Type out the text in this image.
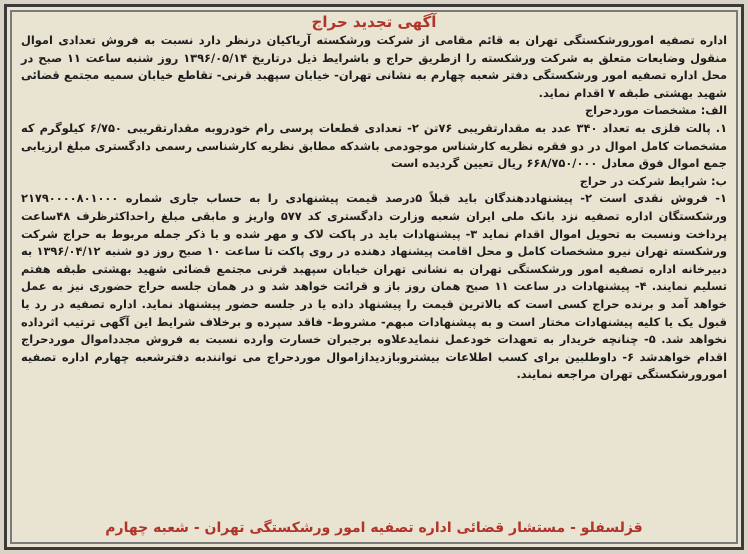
آگهی تجدید حراج

اداره تصفیه امورورشکستگی تهران به قائم مقامی از شرکت ورشکسته آریاکیان درنظر دارد نسبت به فروش تعدادی اموال منقول وضایعات متعلق به شرکت ورشکسته را ازطریق حراج و باشرایط ذیل درتاریخ ۱۳۹۶/۰۵/۱۴ روز شنبه ساعت ۱۱ صبح در محل اداره تصفیه امور ورشکستگی دفتر شعبه چهارم به نشانی تهران- خیابان سپهبد قرنی- تقاطع خیابان سمیه مجتمع قضائی شهید بهشتی طبقه ۷ اقدام نماید.

الف: مشخصات موردحراج

۱. پالت فلزی به تعداد ۳۴۰ عدد به مقدارتقریبی ۷۶تن ۲- تعدادی قطعات پرسی رام خودروبه مقدارتقریبی ۶/۷۵۰ کیلوگرم که مشخصات کامل اموال در دو فقره نظریه کارشناس موجودمی باشدکه مطابق نظریه کارشناسی رسمی دادگستری مبلغ ارزیابی جمع اموال فوق معادل ۶۶۸/۷۵۰/۰۰۰ ریال تعیین گردیده است

ب: شرایط شرکت در حراج

۱- فروش نقدی است ۲- پیشنهاددهندگان باید قبلاً ۵درصد قیمت پیشنهادی را به حساب جاری شماره ۲۱۷۹۰۰۰۰۸۰۱۰۰۰ ورشکستگان اداره تصفیه نزد بانک ملی ایران شعبه وزارت دادگستری کد ۵۷۷ واریز و مابقی مبلغ راحداکثرظرف ۴۸ساعت پرداخت ونسبت به تحویل اموال اقدام نماید ۳- پیشنهادات باید در پاکت لاک و مهر شده و با ذکر جمله مربوط به حراج شرکت ورشکسته تهران نیرو مشخصات کامل و محل اقامت پیشنهاد دهنده در روی پاکت تا ساعت ۱۰ صبح روز دو شنبه ۱۳۹۶/۰۴/۱۲ به دبیرخانه اداره تصفیه امور ورشکستگی تهران به نشانی تهران خیابان سپهبد قرنی مجتمع قضائی شهید بهشتی طبقه هفتم تسلیم نمایند. ۴- پیشنهادات در ساعت ۱۱ صبح همان روز باز و قرائت خواهد شد و در همان جلسه حراج حضوری نیز به عمل خواهد آمد و برنده حراج کسی است که بالاترین قیمت را پیشنهاد داده یا در جلسه حضور پیشنهاد نماید. اداره تصفیه در رد یا قبول یک یا کلیه پیشنهادات مختار است و به پیشنهادات مبهم- مشروط- فاقد سپرده و برخلاف شرایط این آگهی ترتیب اثرداده نخواهد شد. ۵- چنانچه خریدار به تعهدات خودعمل ننمایدعلاوه برجبران خسارت وارده نسبت به فروش مجدداموال موردحراج اقدام خواهدشد ۶- داوطلبین برای کسب اطلاعات بیشتروبازدیدازاموال موردحراج می توانندبه دفترشعبه چهارم اداره تصفیه امورورشکستگی تهران مراجعه نمایند.

قزلسفلو - مستشار قضائی اداره تصفیه امور ورشکستگی تهران - شعبه چهارم
